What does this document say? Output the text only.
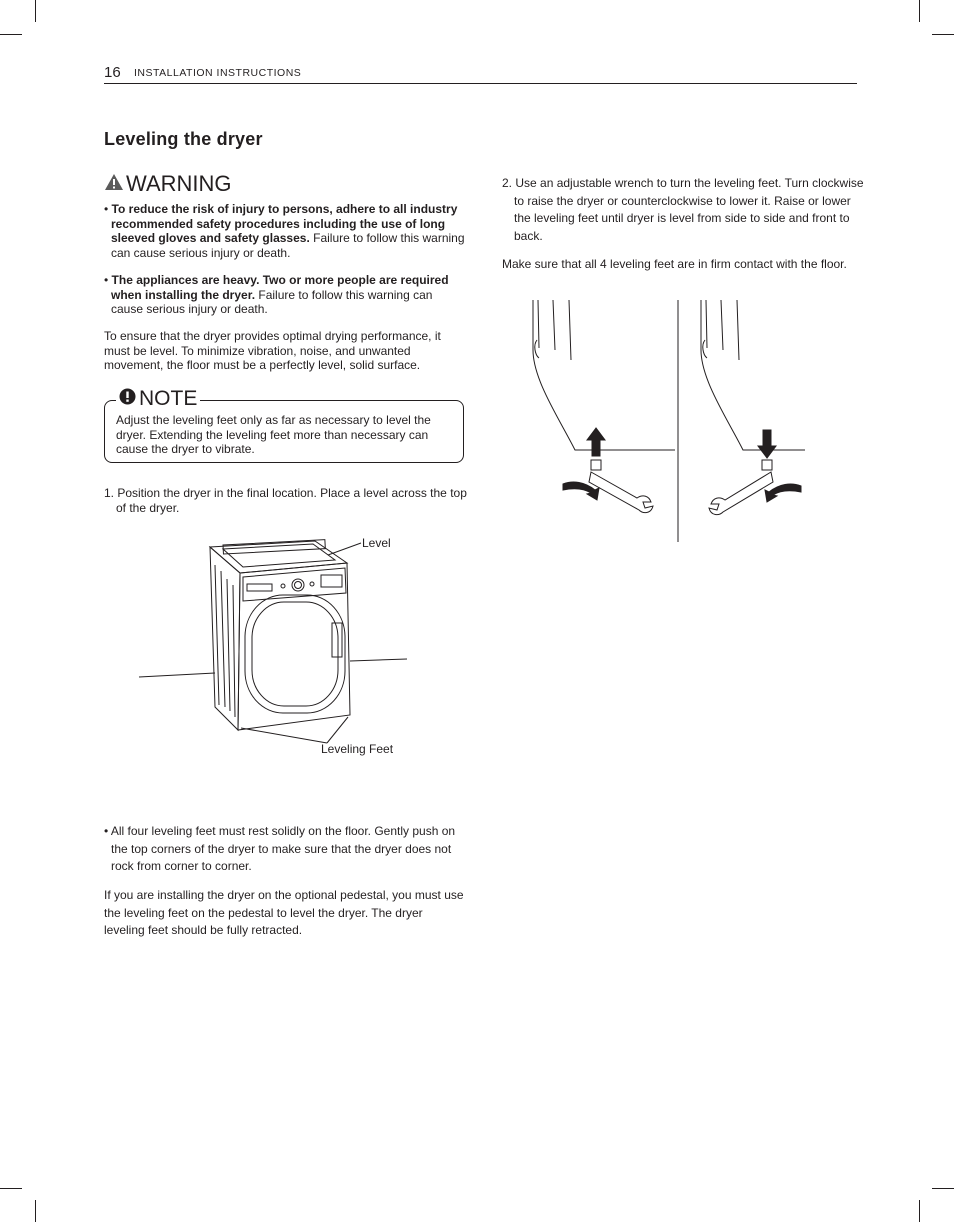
16 INSTALLATION INSTRUCTIONS
Leveling the dryer
WARNING
• To reduce the risk of injury to persons, adhere to all industry recommended safety procedures including the use of long sleeved gloves and safety glasses. Failure to follow this warning can cause serious injury or death.
• The appliances are heavy. Two or more people are required when installing the dryer. Failure to follow this warning can cause serious injury or death.
To ensure that the dryer provides optimal drying performance, it must be level. To minimize vibration, noise, and unwanted movement, the floor must be a perfectly level, solid surface.
NOTE
Adjust the leveling feet only as far as necessary to level the dryer. Extending the leveling feet more than necessary can cause the dryer to vibrate.
1. Position the dryer in the final location. Place a level across the top of the dryer.
Level
Leveling Feet
• All four leveling feet must rest solidly on the floor. Gently push on the top corners of the dryer to make sure that the dryer does not rock from corner to corner.
If you are installing the dryer on the optional pedestal, you must use the leveling feet on the pedestal to level the dryer. The dryer leveling feet should be fully retracted.
2. Use an adjustable wrench to turn the leveling feet. Turn clockwise to raise the dryer or counterclockwise to lower it. Raise or lower the leveling feet until dryer is level from side to side and front to back.
Make sure that all 4 leveling feet are in firm contact with the floor.
